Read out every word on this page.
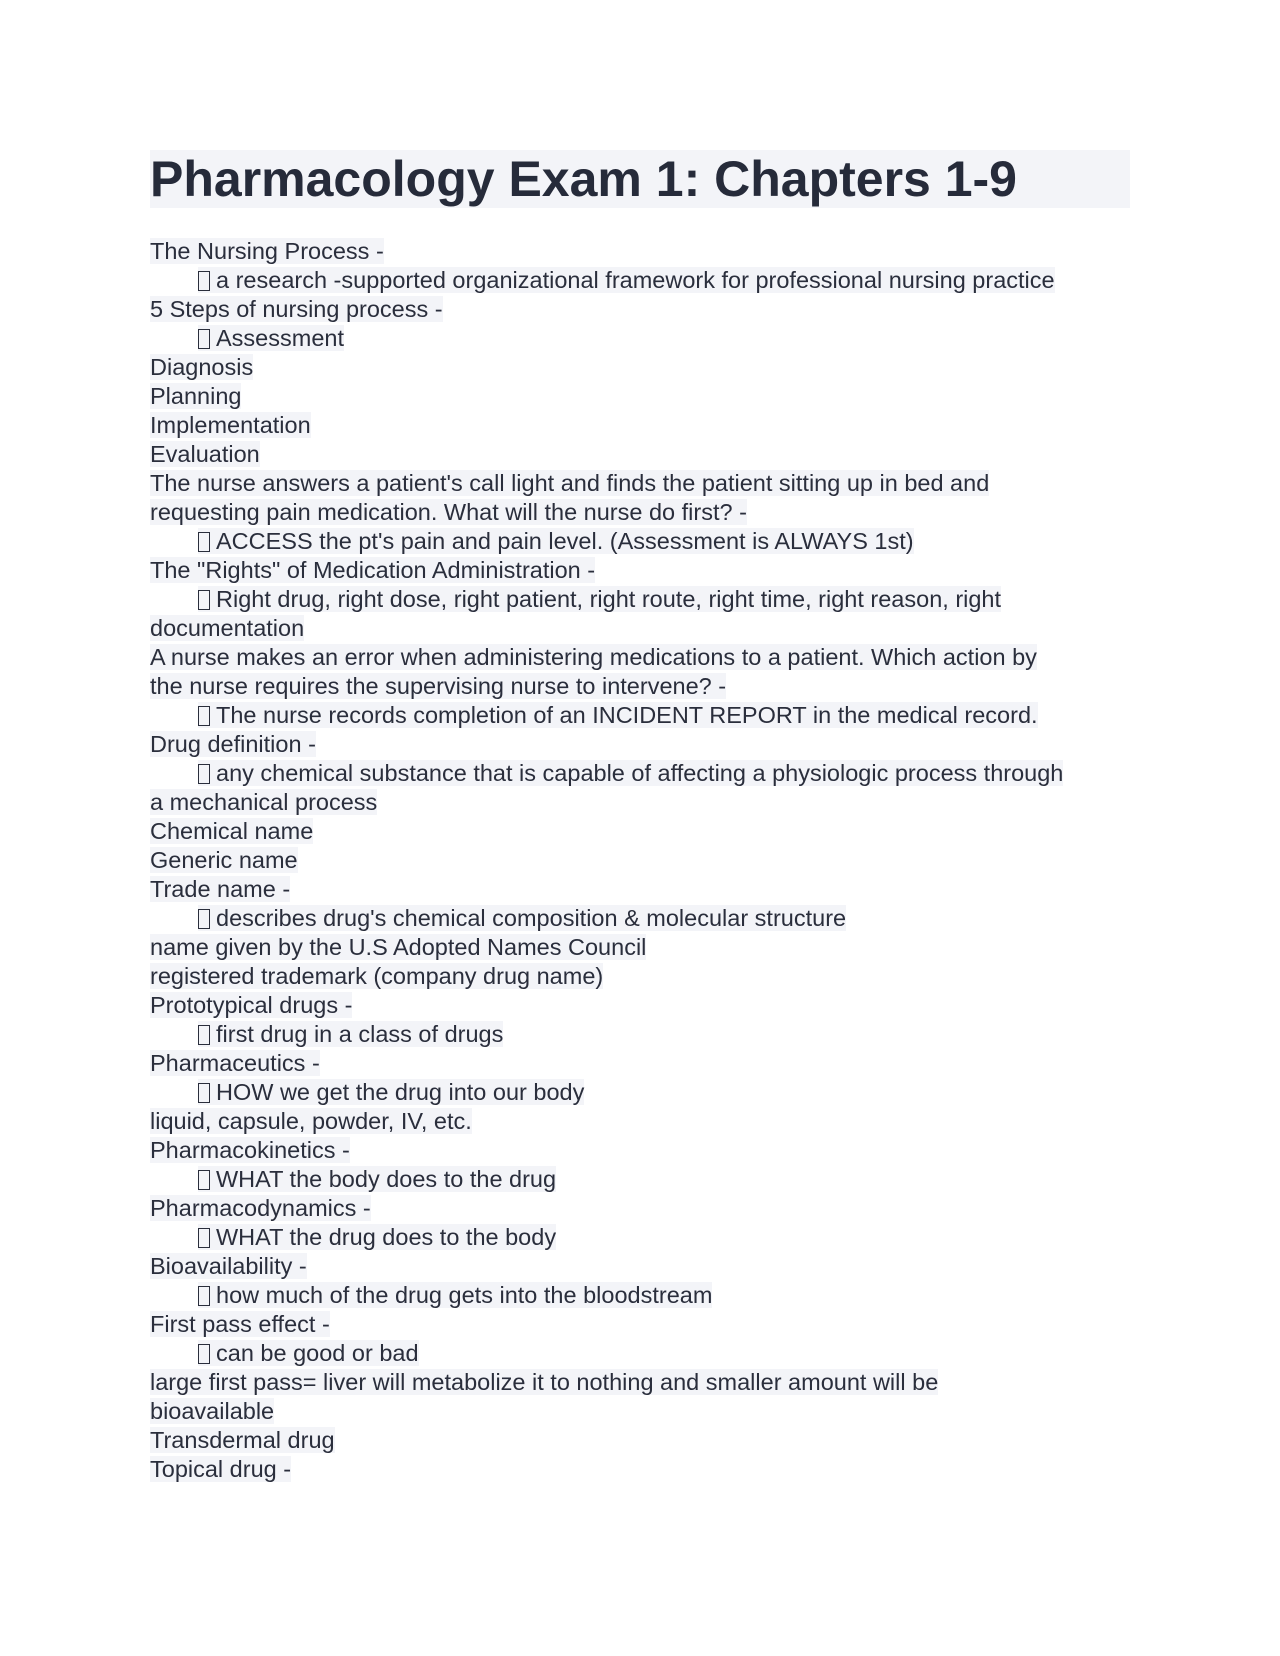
Pharmacology Exam 1: Chapters 1-9
The Nursing Process -
a research -supported organizational framework for professional nursing practice
5 Steps of nursing process -
Assessment
Diagnosis
Planning
Implementation
Evaluation
The nurse answers a patient's call light and finds the patient sitting up in bed and
requesting pain medication. What will the nurse do first? -
ACCESS the pt's pain and pain level. (Assessment is ALWAYS 1st)
The "Rights" of Medication Administration -
Right drug, right dose, right patient, right route, right time, right reason, right
documentation
A nurse makes an error when administering medications to a patient. Which action by
the nurse requires the supervising nurse to intervene? -
The nurse records completion of an INCIDENT REPORT in the medical record.
Drug definition -
any chemical substance that is capable of affecting a physiologic process through
a mechanical process
Chemical name
Generic name
Trade name -
describes drug's chemical composition & molecular structure
name given by the U.S Adopted Names Council
registered trademark (company drug name)
Prototypical drugs -
first drug in a class of drugs
Pharmaceutics -
HOW we get the drug into our body
liquid, capsule, powder, IV, etc.
Pharmacokinetics -
WHAT the body does to the drug
Pharmacodynamics -
WHAT the drug does to the body
Bioavailability -
how much of the drug gets into the bloodstream
First pass effect -
can be good or bad
large first pass= liver will metabolize it to nothing and smaller amount will be
bioavailable
Transdermal drug
Topical drug -
